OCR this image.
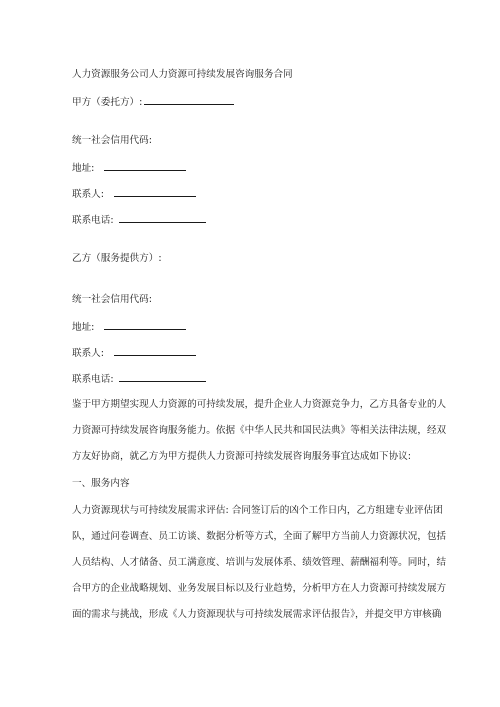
人力资源服务公司人力资源可持续发展咨询服务合同
甲方（委托方）:
统一社会信用代码:
地址:
联系人:
联系电话:
乙方（服务提供方）:
统一社会信用代码:
地址:
联系人:
联系电话:
鉴于甲方期望实现人力资源的可持续发展，提升企业人力资源竞争力，乙方具备专业的人
力资源可持续发展咨询服务能力。依据《中华人民共和国民法典》等相关法律法规，经双
方友好协商，就乙方为甲方提供人力资源可持续发展咨询服务事宜达成如下协议:
一、服务内容
人力资源现状与可持续发展需求评估: 合同签订后的凶个工作日内，乙方组建专业评估团
队，通过问卷调查、员工访谈、数据分析等方式，全面了解甲方当前人力资源状况，包括
人员结构、人才储备、员工满意度、培训与发展体系、绩效管理、薪酬福利等。同时，结
合甲方的企业战略规划、业务发展目标以及行业趋势，分析甲方在人力资源可持续发展方
面的需求与挑战，形成《人力资源现状与可持续发展需求评估报告》，并提交甲方审核确
